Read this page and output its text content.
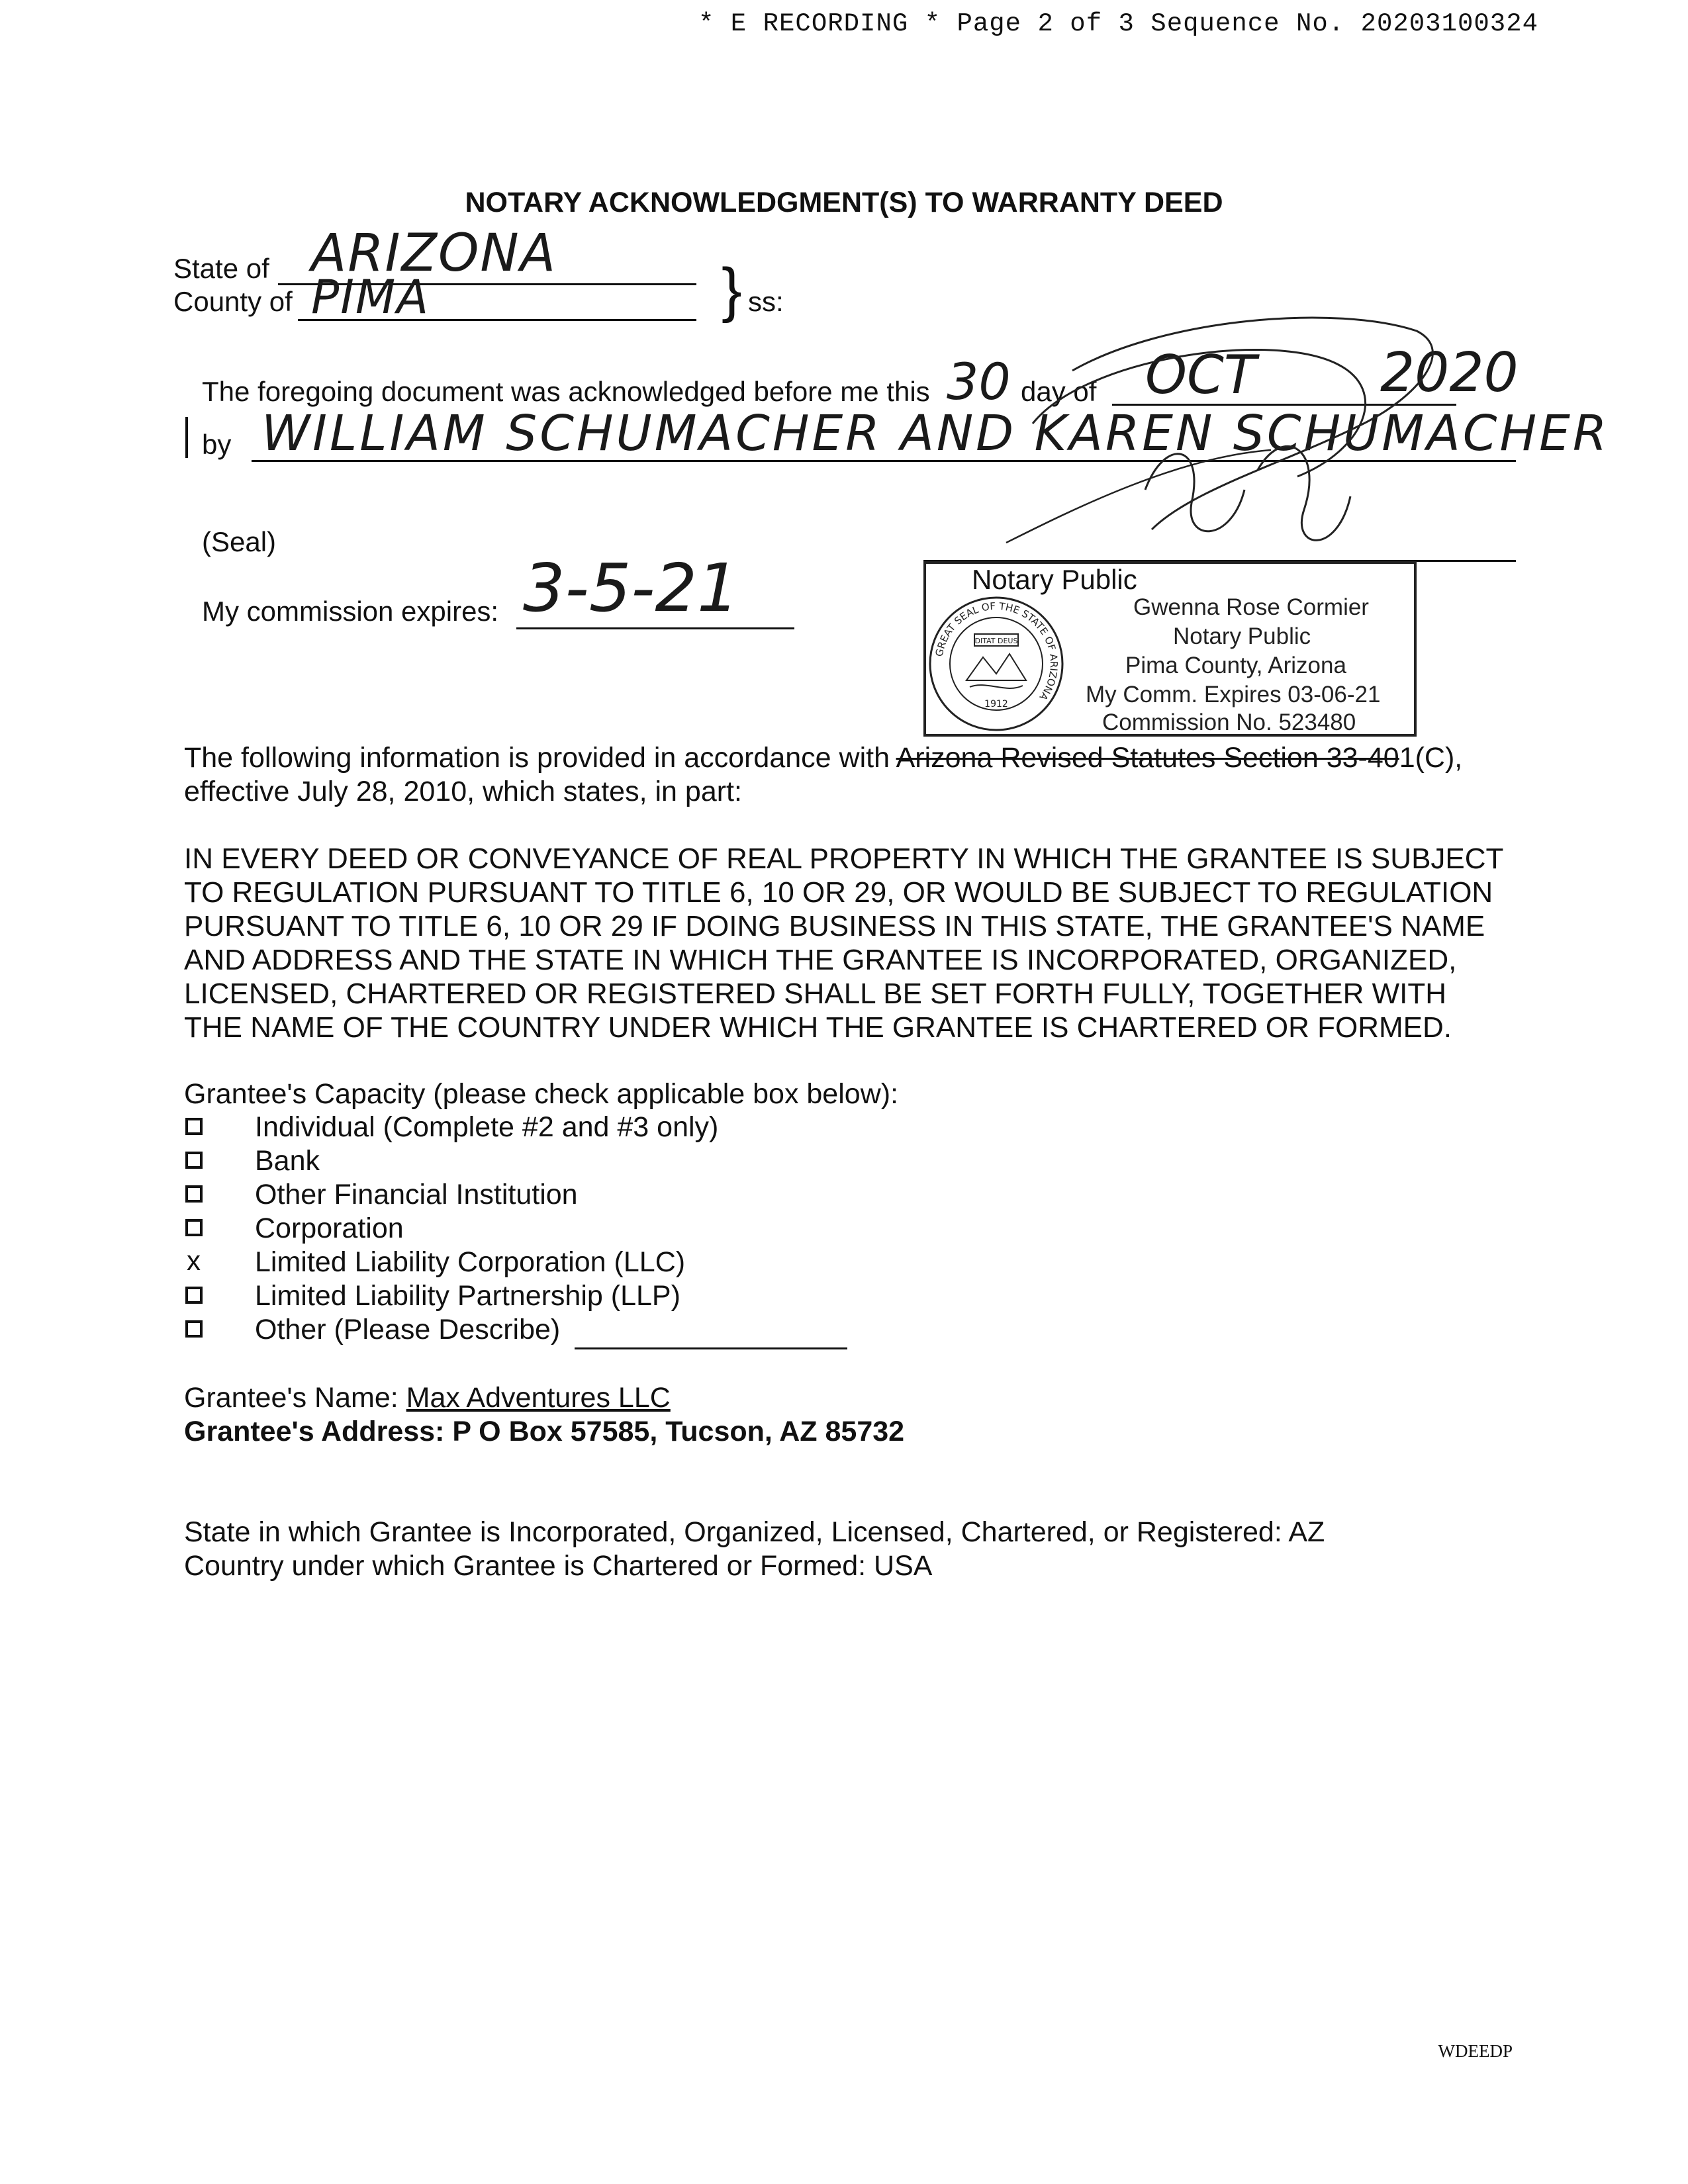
* E RECORDING * Page 2 of 3 Sequence No. 20203100324
NOTARY ACKNOWLEDGMENT(S) TO WARRANTY DEED
State of ARIZONA
County of PIMA	} ss:
The foregoing document was acknowledged before me this 30 day of OCT 2020
by WILLIAM SCHUMACHER AND KAREN SCHUMACHER
(Seal)
My commission expires: 3-5-21	Notary Public
GREAT SEAL OF THE STATE OF ARIZONA
DITAT DEUS
1912
Gwenna Rose Cormier
Notary Public
Pima County, Arizona
My Comm. Expires 03-06-21
Commission No. 523480
The following information is provided in accordance with Arizona Revised Statutes Section 33-401(C),
effective July 28, 2010, which states, in part:
IN EVERY DEED OR CONVEYANCE OF REAL PROPERTY IN WHICH THE GRANTEE IS SUBJECT
TO REGULATION PURSUANT TO TITLE 6, 10 OR 29, OR WOULD BE SUBJECT TO REGULATION
PURSUANT TO TITLE 6, 10 OR 29 IF DOING BUSINESS IN THIS STATE, THE GRANTEE'S NAME
AND ADDRESS AND THE STATE IN WHICH THE GRANTEE IS INCORPORATED, ORGANIZED,
LICENSED, CHARTERED OR REGISTERED SHALL BE SET FORTH FULLY, TOGETHER WITH
THE NAME OF THE COUNTRY UNDER WHICH THE GRANTEE IS CHARTERED OR FORMED.
Grantee's Capacity (please check applicable box below):
Individual (Complete #2 and #3 only)
Bank
Other Financial Institution
Corporation
x Limited Liability Corporation (LLC)
Limited Liability Partnership (LLP)
Other (Please Describe)
Grantee's Name: Max Adventures LLC
Grantee's Address: P O Box 57585, Tucson, AZ 85732
State in which Grantee is Incorporated, Organized, Licensed, Chartered, or Registered: AZ
Country under which Grantee is Chartered or Formed: USA
WDEEDP
